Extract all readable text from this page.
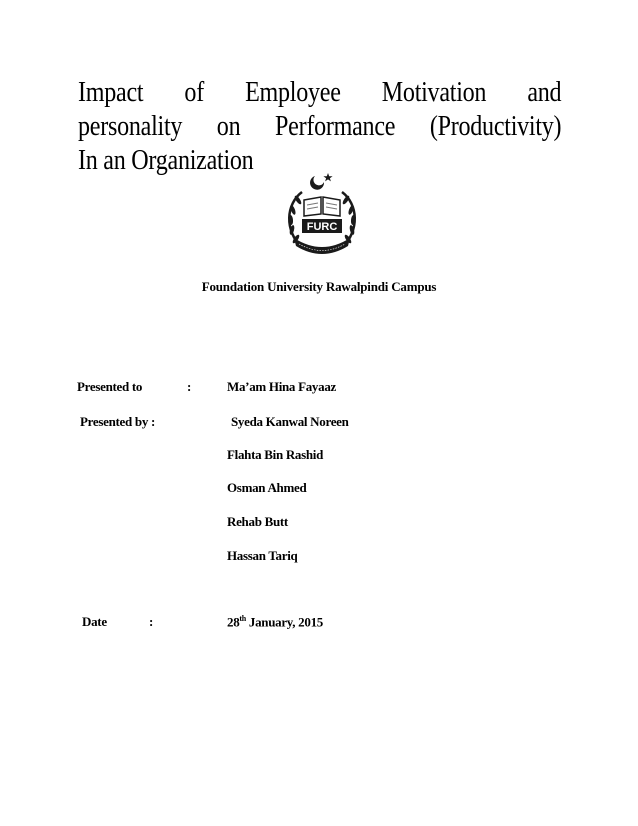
Impact of Employee Motivation and
personality on Performance (Productivity)
In an Organization
FURC
Foundation University Rawalpindi Campus
Presented to	:	Ma’am Hina Fayaaz
Presented by :	Syeda Kanwal Noreen
Flahta Bin Rashid
Osman Ahmed
Rehab Butt
Hassan Tariq
Date	:	28th January, 2015
